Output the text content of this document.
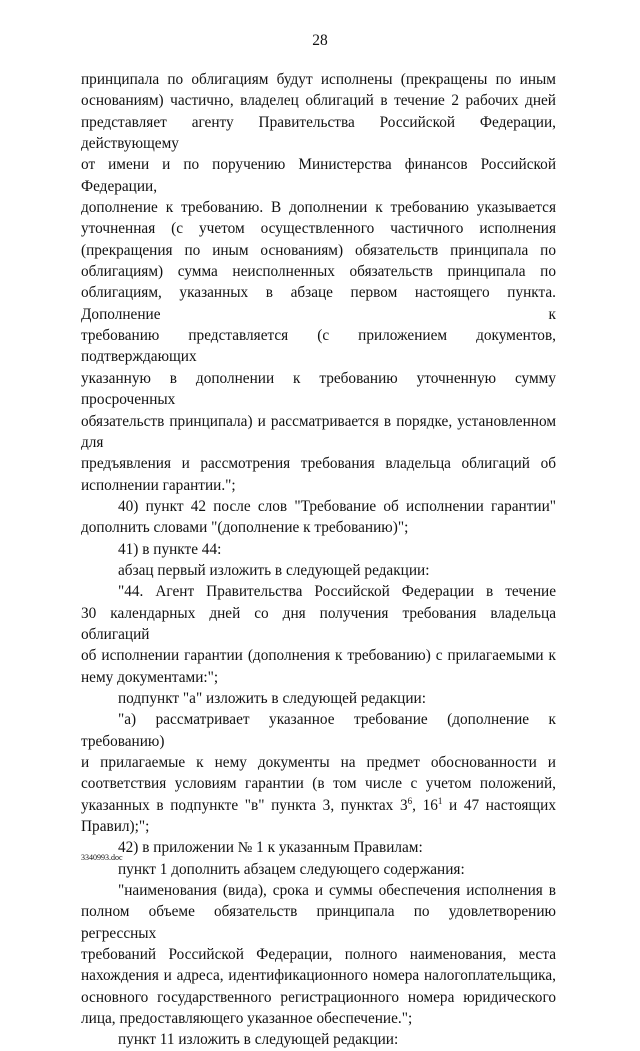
28

принципала по облигациям будут исполнены (прекращены по иным

основаниям) частично, владелец облигаций в течение 2 рабочих дней

представляет агенту Правительства Российской Федерации, действующему

от имени и по поручению Министерства финансов Российской Федерации,

дополнение к требованию. В дополнении к требованию указывается

уточненная (с учетом осуществленного частичного исполнения

(прекращения по иным основаниям) обязательств принципала по

облигациям) сумма неисполненных обязательств принципала по

облигациям, указанных в абзаце первом настоящего пункта. Дополнение к

требованию представляется (с приложением документов, подтверждающих

указанную в дополнении к требованию уточненную сумму просроченных

обязательств принципала) и рассматривается в порядке, установленном для

предъявления и рассмотрения требования владельца облигаций об

исполнении гарантии.";

40) пункт 42 после слов "Требование об исполнении гарантии"

дополнить словами "(дополнение к требованию)";

41) в пункте 44:

абзац первый изложить в следующей редакции:

"44. Агент Правительства Российской Федерации в течение

30 календарных дней со дня получения требования владельца облигаций

об исполнении гарантии (дополнения к требованию) с прилагаемыми к

нему документами:";

подпункт "а" изложить в следующей редакции:

"а) рассматривает указанное требование (дополнение к требованию)

и прилагаемые к нему документы на предмет обоснованности и

соответствия условиям гарантии (в том числе с учетом положений,

указанных в подпункте "в" пункта 3, пунктах $3^6$, $16^1$ и 47 настоящих

Правил);";

42) в приложении № 1 к указанным Правилам:

пункт 1 дополнить абзацем следующего содержания:

"наименования (вида), срока и суммы обеспечения исполнения в

полном объеме обязательств принципала по удовлетворению регрессных

требований Российской Федерации, полного наименования, места

нахождения и адреса, идентификационного номера налогоплательщика,

основного государственного регистрационного номера юридического

лица, предоставляющего указанное обеспечение.";

пункт 11 изложить в следующей редакции:

3340993.doc
